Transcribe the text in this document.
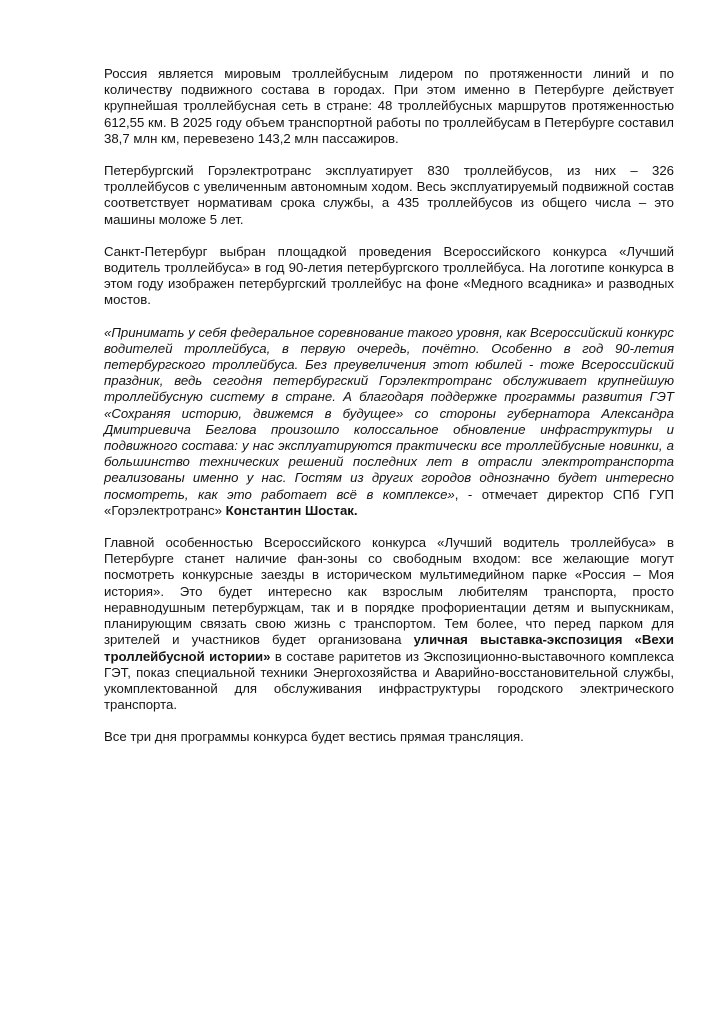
Россия является мировым троллейбусным лидером по протяженности линий и по количеству подвижного состава в городах. При этом именно в Петербурге действует крупнейшая троллейбусная сеть в стране: 48 троллейбусных маршрутов протяженностью 612,55 км. В 2025 году объем транспортной работы по троллейбусам в Петербурге составил 38,7 млн км, перевезено 143,2 млн пассажиров.

Петербургский Горэлектротранс эксплуатирует 830 троллейбусов, из них – 326 троллейбусов с увеличенным автономным ходом. Весь эксплуатируемый подвижной состав соответствует нормативам срока службы, а 435 троллейбусов из общего числа – это машины моложе 5 лет.

Санкт-Петербург выбран площадкой проведения Всероссийского конкурса «Лучший водитель троллейбуса» в год 90-летия петербургского троллейбуса. На логотипе конкурса в этом году изображен петербургский троллейбус на фоне «Медного всадника» и разводных мостов.

«Принимать у себя федеральное соревнование такого уровня, как Всероссийский конкурс водителей троллейбуса, в первую очередь, почётно. Особенно в год 90-летия петербургского троллейбуса. Без преувеличения этот юбилей - тоже Всероссийский праздник, ведь сегодня петербургский Горэлектротранс обслуживает крупнейшую троллейбусную систему в стране. А благодаря поддержке программы развития ГЭТ «Сохраняя историю, движемся в будущее» со стороны губернатора Александра Дмитриевича Беглова произошло колоссальное обновление инфраструктуры и подвижного состава: у нас эксплуатируются практически все троллейбусные новинки, а большинство технических решений последних лет в отрасли электротранспорта реализованы именно у нас. Гостям из других городов однозначно будет интересно посмотреть, как это работает всё в комплексе», - отмечает директор СПб ГУП «Горэлектротранс» Константин Шостак.

Главной особенностью Всероссийского конкурса «Лучший водитель троллейбуса» в Петербурге станет наличие фан-зоны со свободным входом: все желающие могут посмотреть конкурсные заезды в историческом мультимедийном парке «Россия – Моя история». Это будет интересно как взрослым любителям транспорта, просто неравнодушным петербуржцам, так и в порядке профориентации детям и выпускникам, планирующим связать свою жизнь с транспортом. Тем более, что перед парком для зрителей и участников будет организована уличная выставка-экспозиция «Вехи троллейбусной истории» в составе раритетов из Экспозиционно-выставочного комплекса ГЭТ, показ специальной техники Энергохозяйства и Аварийно-восстановительной службы, укомплектованной для обслуживания инфраструктуры городского электрического транспорта.

Все три дня программы конкурса будет вестись прямая трансляция.
